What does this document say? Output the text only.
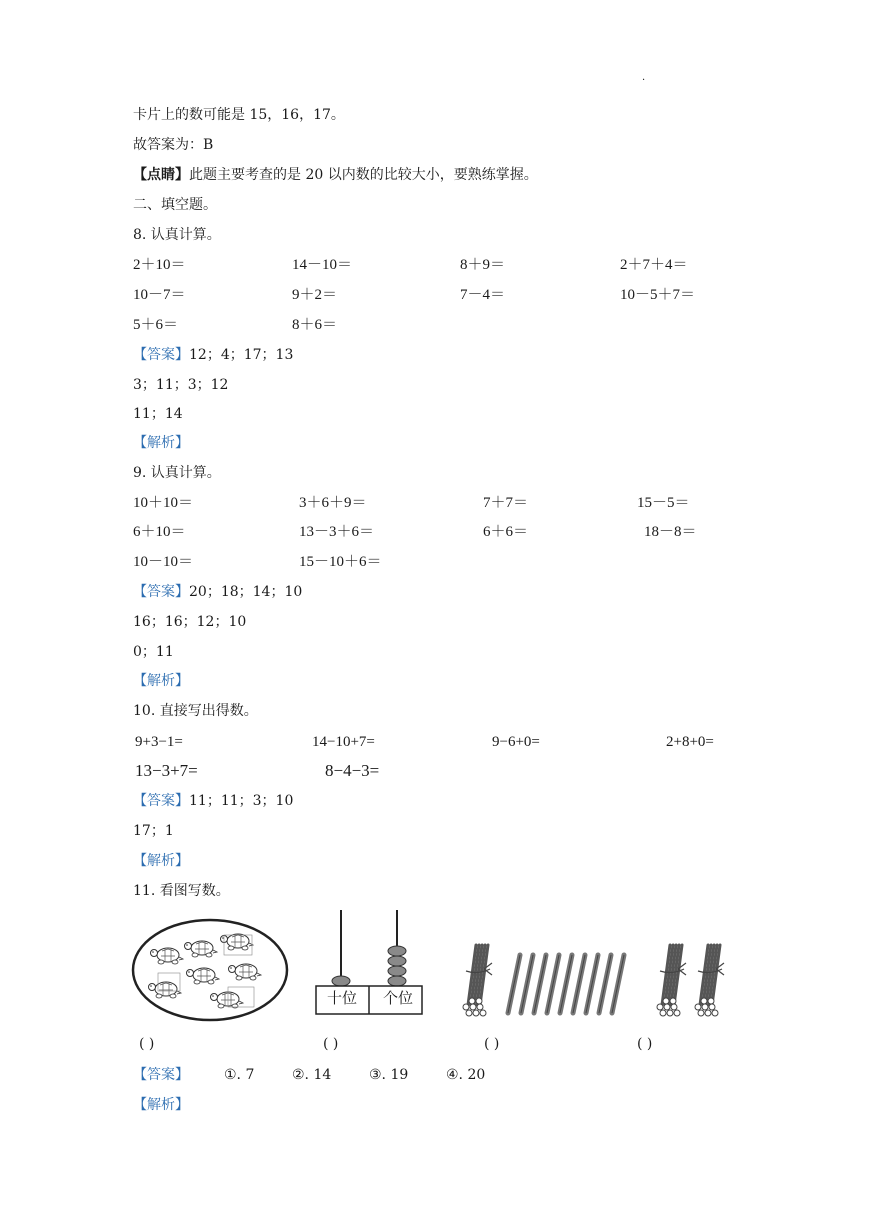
·
卡片上的数可能是 15，16，17。
故答案为：B
【点睛】此题主要考查的是 20 以内数的比较大小，要熟练掌握。
二、填空题。
8. 认真计算。
2＋10＝	14－10＝	8＋9＝	2＋7＋4＝
10－7＝	9＋2＝	7－4＝	10－5＋7＝
5＋6＝	8＋6＝
【答案】12；4；17；13
3；11；3；12
11；14
【解析】
9. 认真计算。
10＋10＝	3＋6＋9＝	7＋7＝	15－5＝
6＋10＝	13－3＋6＝	6＋6＝	18－8＝
10－10＝	15－10＋6＝
【答案】20；18；14；10
16；16；12；10
0；11
【解析】
10. 直接写出得数。
9+3−1=	14−10+7=	9−6+0=	2+8+0=
13−3+7=	8−4−3=
【答案】11；11；3；10
17；1
【解析】
11. 看图写数。
十位 个位
( )	( )	( )	( )
【答案】	①. 7	②. 14	③. 19	④. 20
【解析】
